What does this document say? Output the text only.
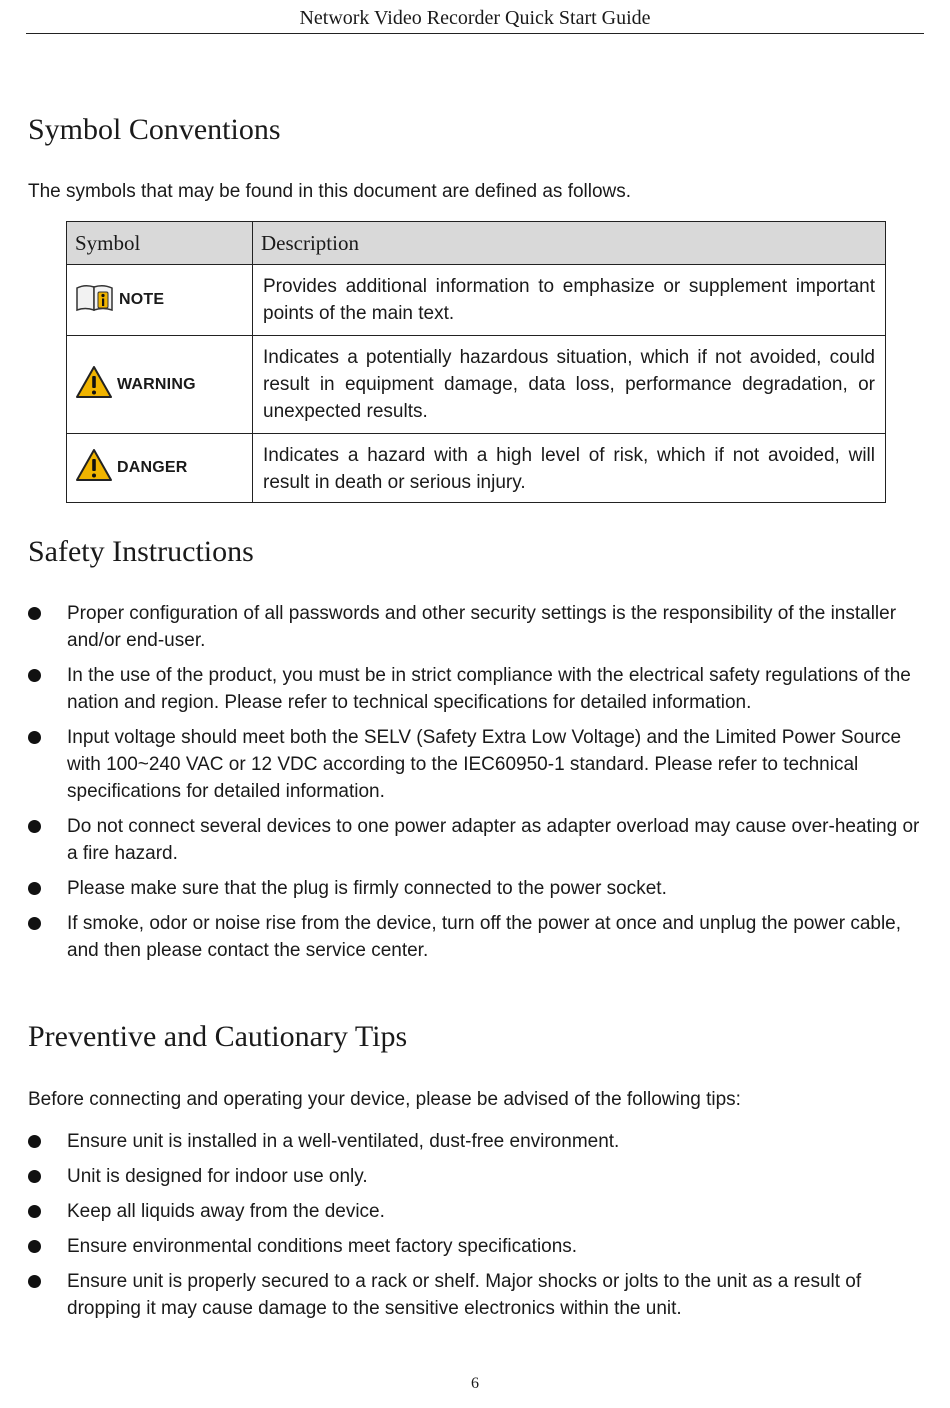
Network Video Recorder Quick Start Guide
Symbol Conventions

The symbols that may be found in this document are defined as follows.

Symbol	Description

NOTE	Provides additional information to emphasize or supplement important points of the main text.

WARNING	Indicates a potentially hazardous situation, which if not avoided, could result in equipment damage, data loss, performance degradation, or unexpected results.

DANGER	Indicates a hazard with a high level of risk, which if not avoided, will result in death or serious injury.
Safety Instructions
Proper configuration of all passwords and other security settings is the responsibility of the installer and/or end-user.
In the use of the product, you must be in strict compliance with the electrical safety regulations of the nation and region. Please refer to technical specifications for detailed information.
Input voltage should meet both the SELV (Safety Extra Low Voltage) and the Limited Power Source with 100~240 VAC or 12 VDC according to the IEC60950-1 standard. Please refer to technical specifications for detailed information.
Do not connect several devices to one power adapter as adapter overload may cause over-heating or a fire hazard.
Please make sure that the plug is firmly connected to the power socket.
If smoke, odor or noise rise from the device, turn off the power at once and unplug the power cable, and then please contact the service center.
Preventive and Cautionary Tips

Before connecting and operating your device, please be advised of the following tips:

Ensure unit is installed in a well-ventilated, dust-free environment.
Unit is designed for indoor use only.
Keep all liquids away from the device.
Ensure environmental conditions meet factory specifications.
Ensure unit is properly secured to a rack or shelf. Major shocks or jolts to the unit as a result of dropping it may cause damage to the sensitive electronics within the unit.
6
